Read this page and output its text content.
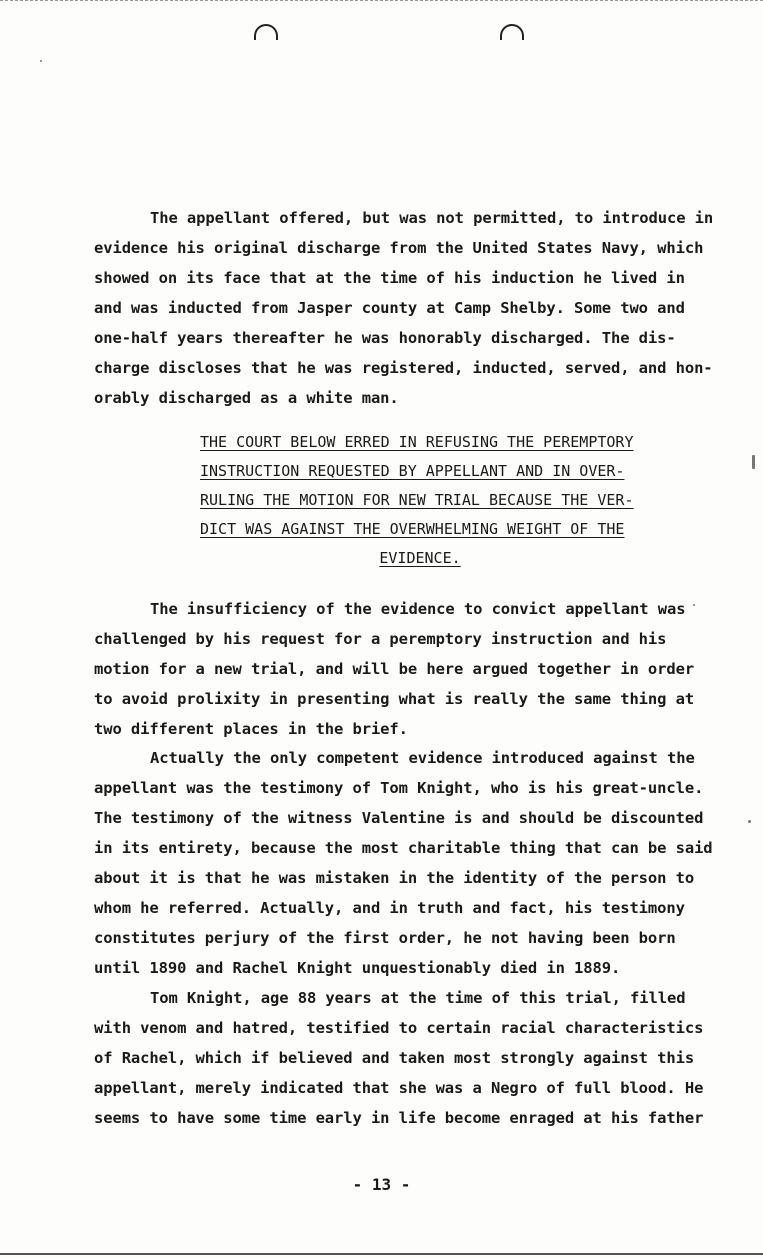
The appellant offered, but was not permitted, to introduce in
evidence his original discharge from the United States Navy, which
showed on its face that at the time of his induction he lived in
and was inducted from Jasper county at Camp Shelby. Some two and
one-half years thereafter he was honorably discharged. The dis-
charge discloses that he was registered, inducted, served, and hon-
orably discharged as a white man.

THE COURT BELOW ERRED IN REFUSING THE PEREMPTORY
INSTRUCTION REQUESTED BY APPELLANT AND IN OVER-
RULING THE MOTION FOR NEW TRIAL BECAUSE THE VER-
DICT WAS AGAINST THE OVERWHELMING WEIGHT OF THE
EVIDENCE.

The insufficiency of the evidence to convict appellant was
challenged by his request for a peremptory instruction and his
motion for a new trial, and will be here argued together in order
to avoid prolixity in presenting what is really the same thing at
two different places in the brief.

Actually the only competent evidence introduced against the
appellant was the testimony of Tom Knight, who is his great-uncle.
The testimony of the witness Valentine is and should be discounted
in its entirety, because the most charitable thing that can be said
about it is that he was mistaken in the identity of the person to
whom he referred. Actually, and in truth and fact, his testimony
constitutes perjury of the first order, he not having been born
until 1890 and Rachel Knight unquestionably died in 1889.

Tom Knight, age 88 years at the time of this trial, filled
with venom and hatred, testified to certain racial characteristics
of Rachel, which if believed and taken most strongly against this
appellant, merely indicated that she was a Negro of full blood. He
seems to have some time early in life become enraged at his father

- 13 -
